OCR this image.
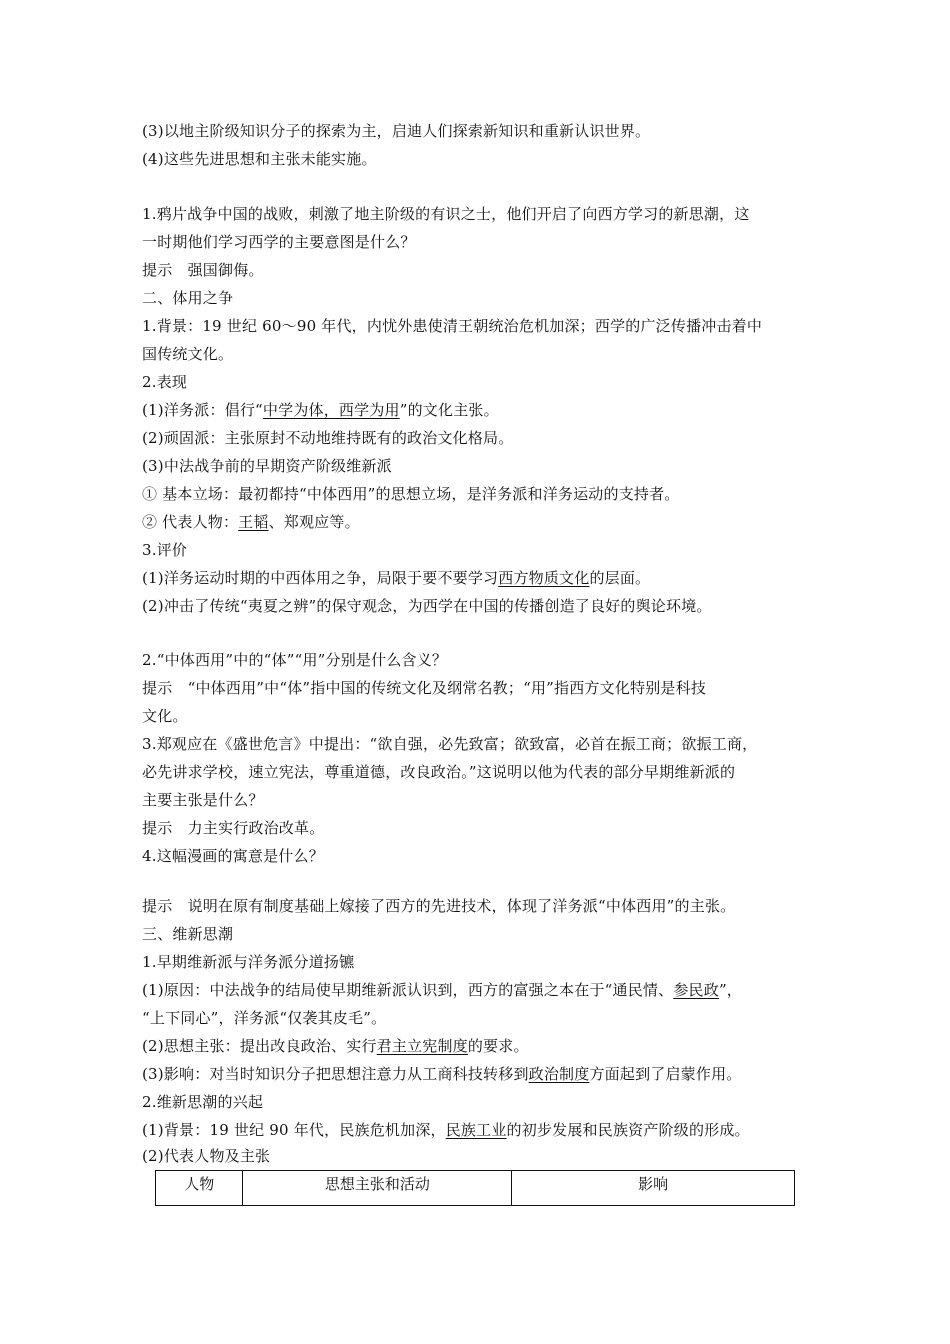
(3)以地主阶级知识分子的探索为主，启迪人们探索新知识和重新认识世界。
(4)这些先进思想和主张未能实施。
1.鸦片战争中国的战败，刺激了地主阶级的有识之士，他们开启了向西方学习的新思潮，这
一时期他们学习西学的主要意图是什么？
提示　强国御侮。
二、体用之争
1.背景：19 世纪 60～90 年代，内忧外患使清王朝统治危机加深；西学的广泛传播冲击着中
国传统文化。
2.表现
(1)洋务派：倡行“中学为体，西学为用”的文化主张。
(2)顽固派：主张原封不动地维持既有的政治文化格局。
(3)中法战争前的早期资产阶级维新派
① 基本立场：最初都持“中体西用”的思想立场，是洋务派和洋务运动的支持者。
② 代表人物：王韬、郑观应等。
3.评价
(1)洋务运动时期的中西体用之争，局限于要不要学习西方物质文化的层面。
(2)冲击了传统“夷夏之辨”的保守观念，为西学在中国的传播创造了良好的舆论环境。
2.“中体西用”中的“体”“用”分别是什么含义？
提示　“中体西用”中“体”指中国的传统文化及纲常名教；“用”指西方文化特别是科技
文化。
3.郑观应在《盛世危言》中提出：“欲自强，必先致富；欲致富，必首在振工商；欲振工商，
必先讲求学校，速立宪法，尊重道德，改良政治。”这说明以他为代表的部分早期维新派的
主要主张是什么？
提示　力主实行政治改革。
4.这幅漫画的寓意是什么？
提示　说明在原有制度基础上嫁接了西方的先进技术，体现了洋务派“中体西用”的主张。
三、维新思潮
1.早期维新派与洋务派分道扬镳
(1)原因：中法战争的结局使早期维新派认识到，西方的富强之本在于“通民情、参民政”，
“上下同心”，洋务派“仅袭其皮毛”。
(2)思想主张：提出改良政治、实行君主立宪制度的要求。
(3)影响：对当时知识分子把思想注意力从工商科技转移到政治制度方面起到了启蒙作用。
2.维新思潮的兴起
(1)背景：19 世纪 90 年代，民族危机加深，民族工业的初步发展和民族资产阶级的形成。
(2)代表人物及主张
人物	思想主张和活动	影响
